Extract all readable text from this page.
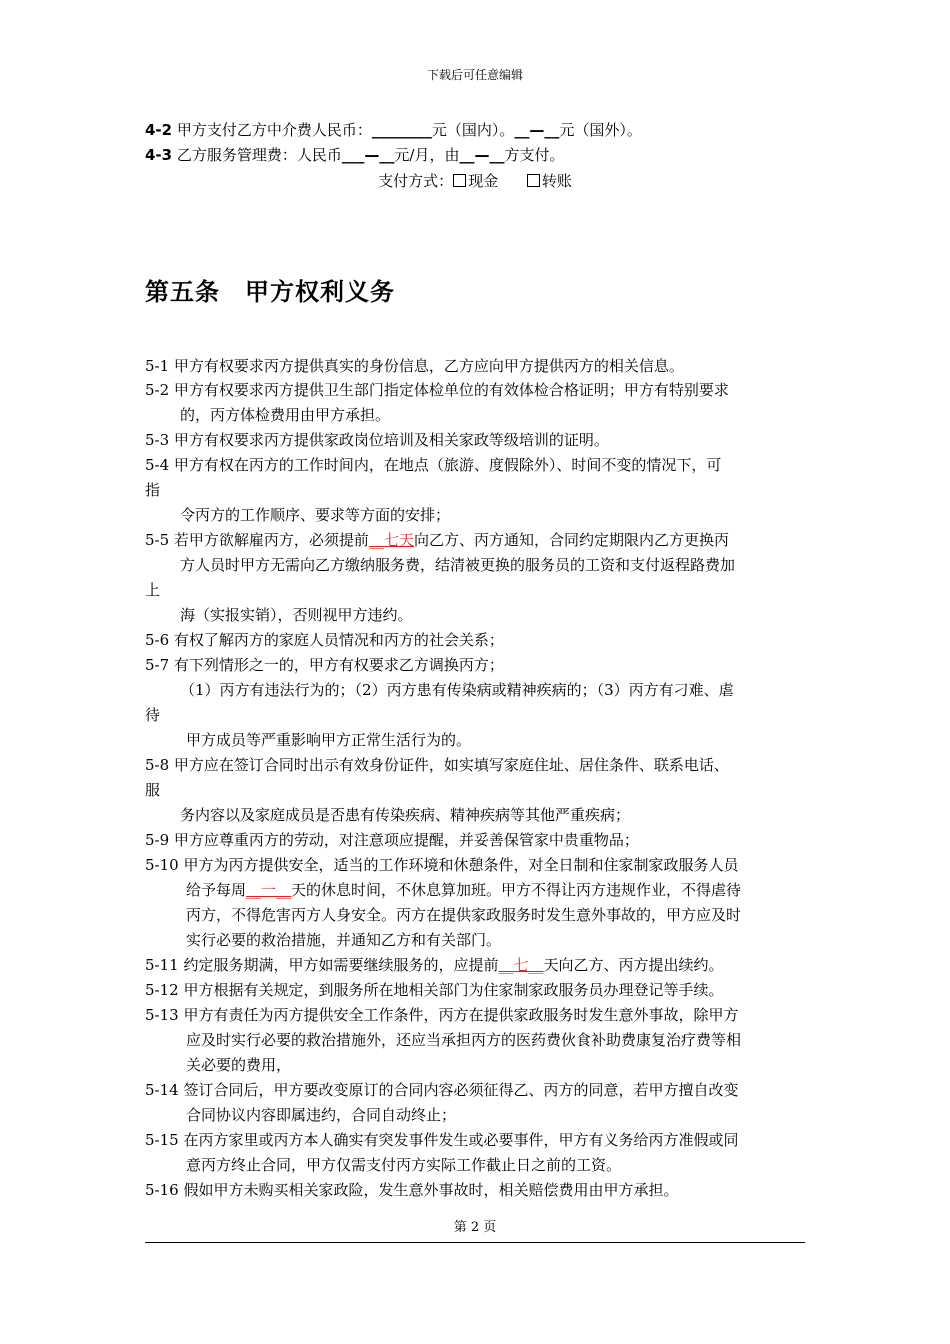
下载后可任意编辑
4-2 甲方支付乙方中介费人民币：________元（国内）。__—__元（国外）。
4-3 乙方服务管理费：人民币___—__元/月，由__—__方支付。
支付方式： 现金	转账
第五条　甲方权利义务
5-1 甲方有权要求丙方提供真实的身份信息，乙方应向甲方提供丙方的相关信息。
5-2 甲方有权要求丙方提供卫生部门指定体检单位的有效体检合格证明；甲方有特别要求
的，丙方体检费用由甲方承担。
5-3 甲方有权要求丙方提供家政岗位培训及相关家政等级培训的证明。
5-4 甲方有权在丙方的工作时间内，在地点（旅游、度假除外）、时间不变的情况下，可
指
令丙方的工作顺序、要求等方面的安排；
5-5 若甲方欲解雇丙方，必须提前__七天向乙方、丙方通知，合同约定期限内乙方更换丙
方人员时甲方无需向乙方缴纳服务费，结清被更换的服务员的工资和支付返程路费加
上
海（实报实销），否则视甲方违约。
5-6 有权了解丙方的家庭人员情况和丙方的社会关系；
5-7 有下列情形之一的，甲方有权要求乙方调换丙方；
（1）丙方有违法行为的；（2）丙方患有传染病或精神疾病的；（3）丙方有刁难、虐
待
甲方成员等严重影响甲方正常生活行为的。
5-8 甲方应在签订合同时出示有效身份证件，如实填写家庭住址、居住条件、联系电话、
服
务内容以及家庭成员是否患有传染疾病、精神疾病等其他严重疾病；
5-9 甲方应尊重丙方的劳动，对注意项应提醒，并妥善保管家中贵重物品；
5-10 甲方为丙方提供安全，适当的工作环境和休憩条件，对全日制和住家制家政服务人员
给予每周__一__天的休息时间，不休息算加班。甲方不得让丙方违规作业，不得虐待
丙方，不得危害丙方人身安全。丙方在提供家政服务时发生意外事故的，甲方应及时
实行必要的救治措施，并通知乙方和有关部门。
5-11 约定服务期满，甲方如需要继续服务的，应提前__七__天向乙方、丙方提出续约。
5-12 甲方根据有关规定，到服务所在地相关部门为住家制家政服务员办理登记等手续。
5-13 甲方有责任为丙方提供安全工作条件，丙方在提供家政服务时发生意外事故，除甲方
应及时实行必要的救治措施外，还应当承担丙方的医药费伙食补助费康复治疗费等相
关必要的费用，
5-14 签订合同后，甲方要改变原订的合同内容必须征得乙、丙方的同意，若甲方擅自改变
合同协议内容即属违约，合同自动终止；
5-15 在丙方家里或丙方本人确实有突发事件发生或必要事件，甲方有义务给丙方准假或同
意丙方终止合同，甲方仅需支付丙方实际工作截止日之前的工资。
5-16 假如甲方未购买相关家政险，发生意外事故时，相关赔偿费用由甲方承担。
第 2 页
